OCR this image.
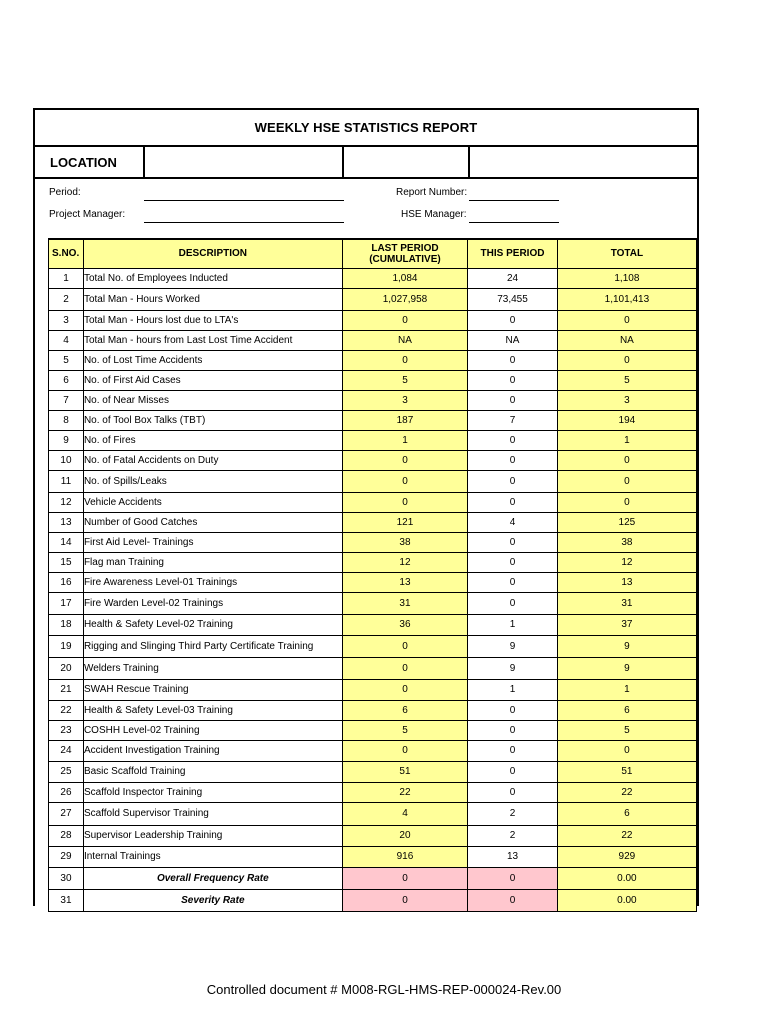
WEEKLY HSE STATISTICS REPORT
LOCATION
Period:	Report Number:
Project Manager:	HSE Manager:
S.NO.	DESCRIPTION	LAST PERIOD (CUMULATIVE)	THIS PERIOD	TOTAL
1	Total No. of Employees Inducted	1,084	24	1,108
2	Total Man - Hours Worked	1,027,958	73,455	1,101,413
3	Total Man - Hours lost due to LTA's	0	0	0
4	Total Man - hours from Last Lost Time Accident	NA	NA	NA
5	No. of Lost Time Accidents	0	0	0
6	No. of First Aid Cases	5	0	5
7	No. of Near Misses	3	0	3
8	No. of Tool Box Talks (TBT)	187	7	194
9	No. of Fires	1	0	1
10	No. of Fatal Accidents on Duty	0	0	0
11	No. of Spills/Leaks	0	0	0
12	Vehicle Accidents	0	0	0
13	Number of Good Catches	121	4	125
14	First Aid Level- Trainings	38	0	38
15	Flag man Training	12	0	12
16	Fire Awareness Level-01 Trainings	13	0	13
17	Fire Warden Level-02 Trainings	31	0	31
18	Health & Safety Level-02 Training	36	1	37
19	Rigging and Slinging Third Party Certificate Training	0	9	9
20	Welders Training	0	9	9
21	SWAH Rescue Training	0	1	1
22	Health & Safety Level-03 Training	6	0	6
23	COSHH Level-02 Training	5	0	5
24	Accident Investigation Training	0	0	0
25	Basic Scaffold Training	51	0	51
26	Scaffold Inspector Training	22	0	22
27	Scaffold Supervisor Training	4	2	6
28	Supervisor Leadership Training	20	2	22
29	Internal Trainings	916	13	929
30	Overall Frequency Rate	0	0	0.00
31	Severity Rate	0	0	0.00
Controlled document # M008-RGL-HMS-REP-000024-Rev.00
